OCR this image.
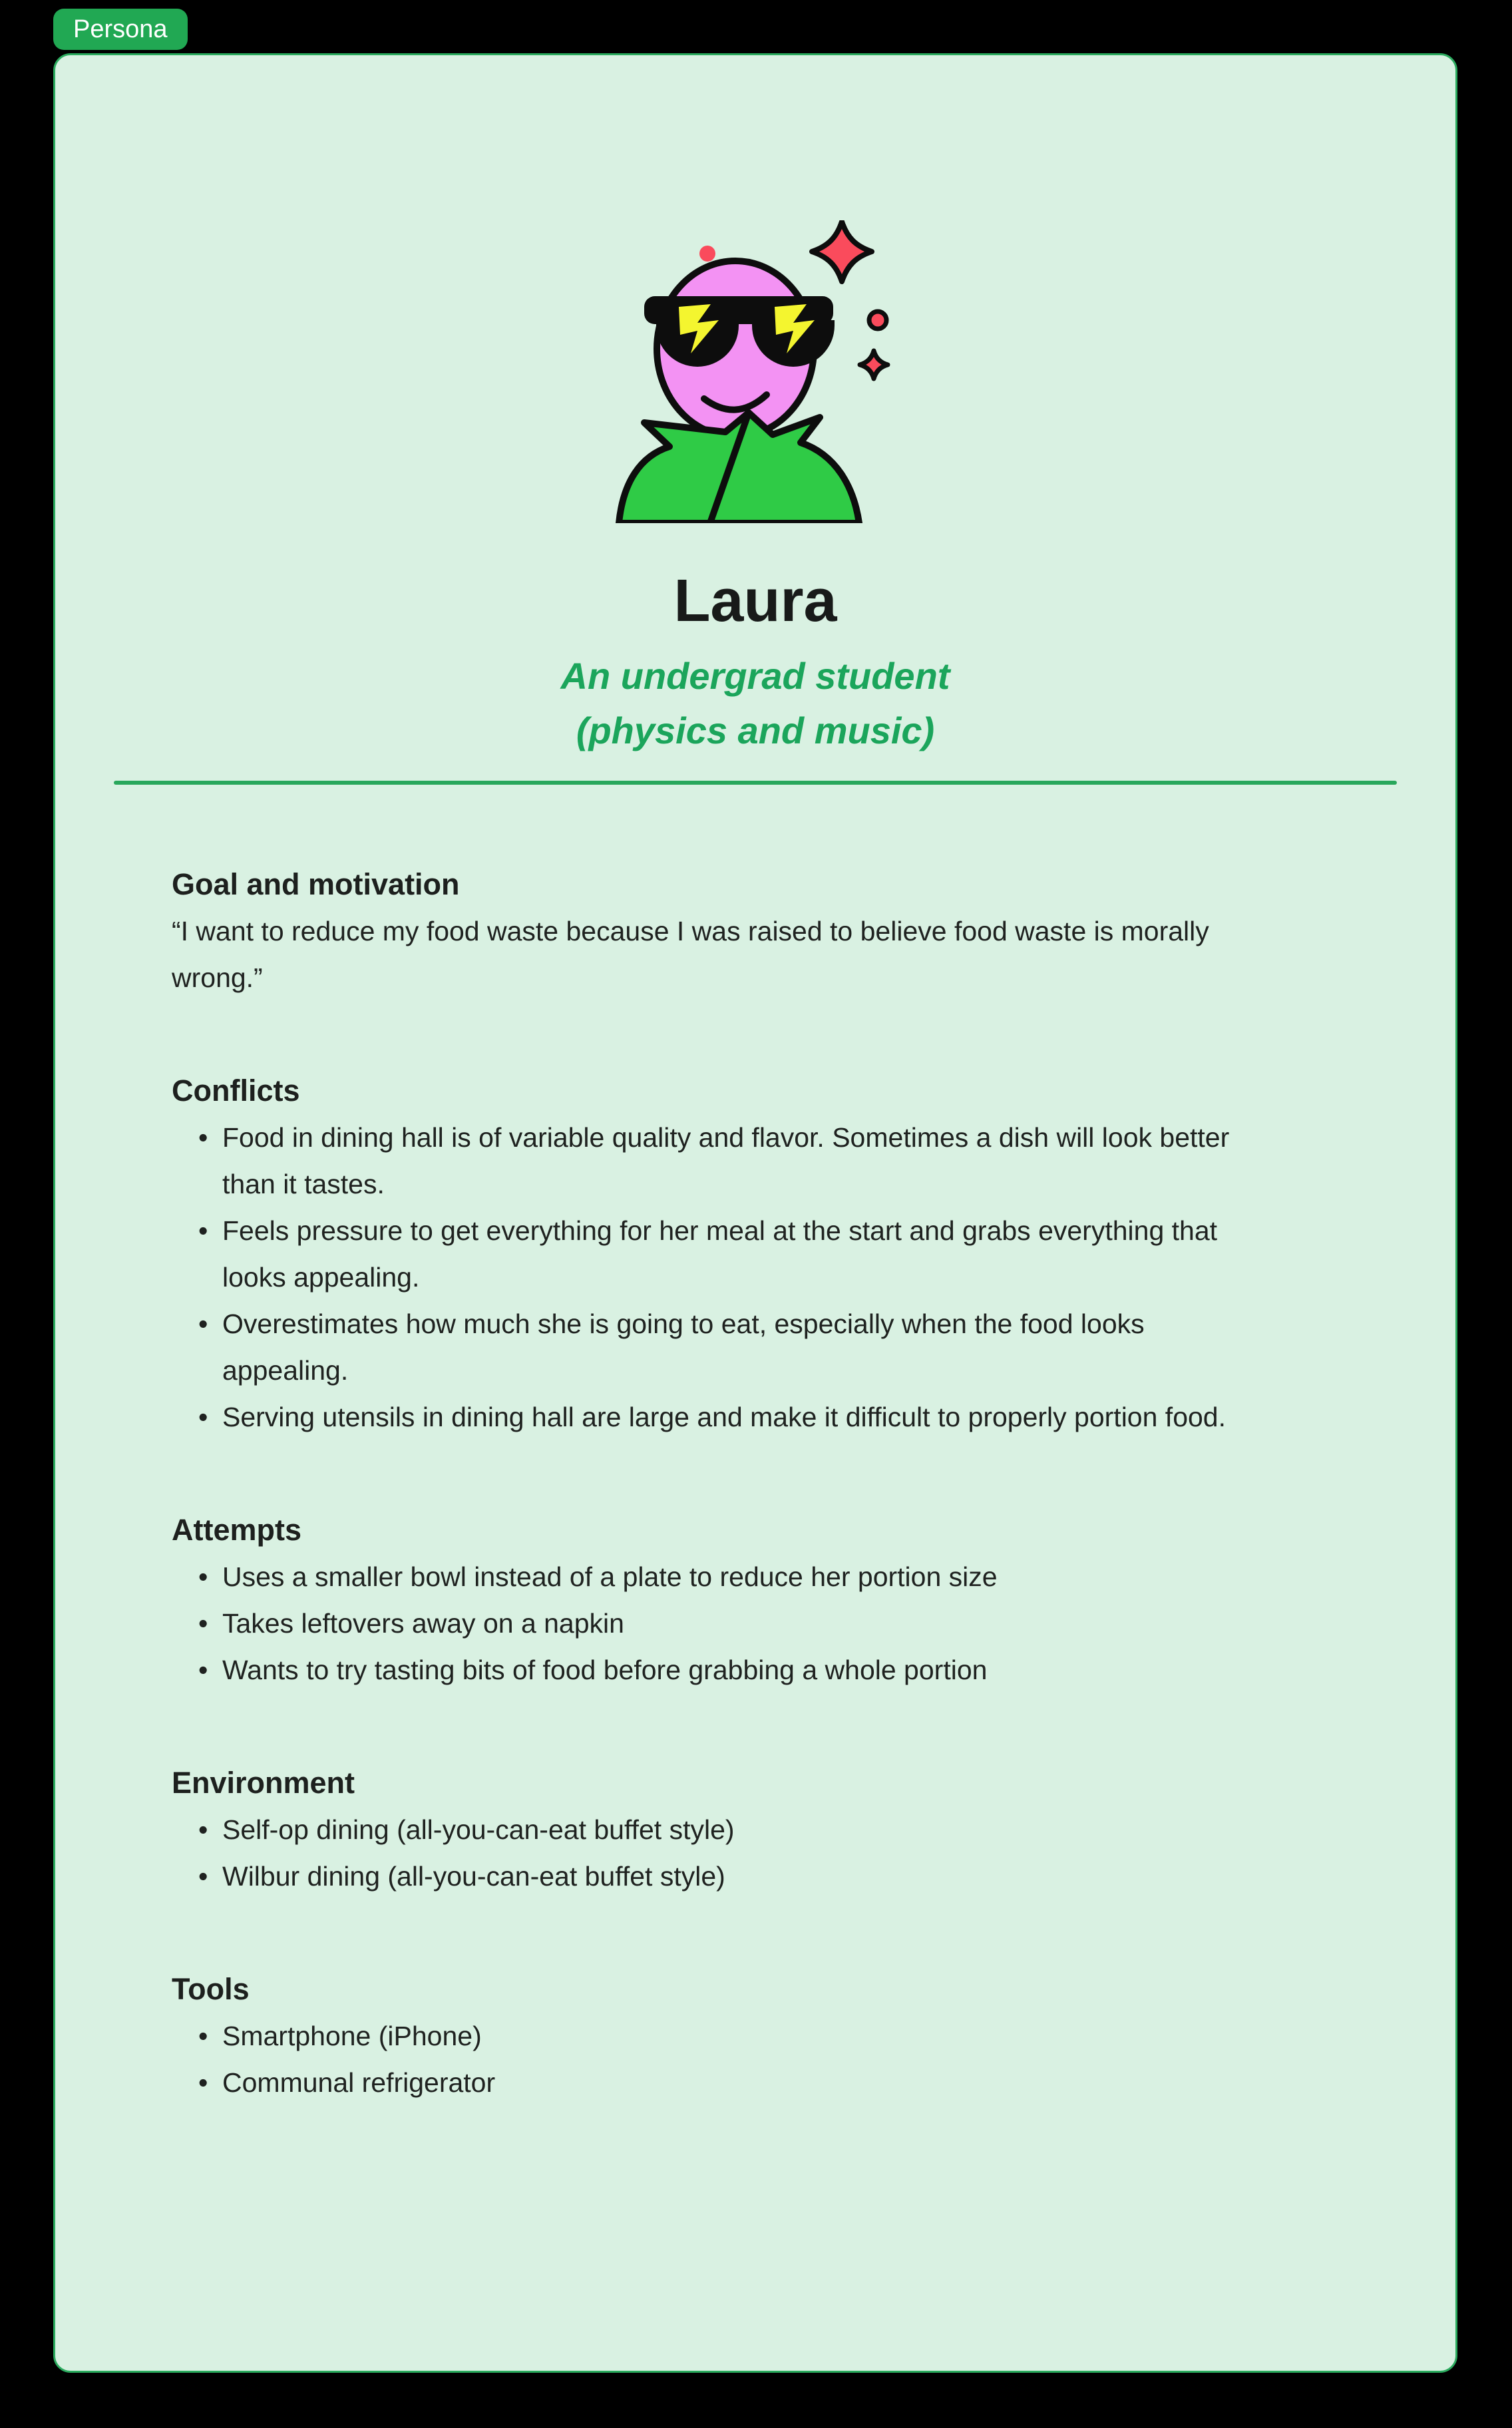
Persona
Laura
An undergrad student
(physics and music)
Goal and motivation

“I want to reduce my food waste because I was raised to believe food waste is morally wrong.”

Conflicts
• Food in dining hall is of variable quality and flavor. Sometimes a dish will look better than it tastes.
• Feels pressure to get everything for her meal at the start and grabs everything that looks appealing.
• Overestimates how much she is going to eat, especially when the food looks appealing.
• Serving utensils in dining hall are large and make it difficult to properly portion food.
Attempts
• Uses a smaller bowl instead of a plate to reduce her portion size
• Takes leftovers away on a napkin
• Wants to try tasting bits of food before grabbing a whole portion
Environment
• Self-op dining (all-you-can-eat buffet style)
• Wilbur dining (all-you-can-eat buffet style)
Tools
• Smartphone (iPhone)
• Communal refrigerator
